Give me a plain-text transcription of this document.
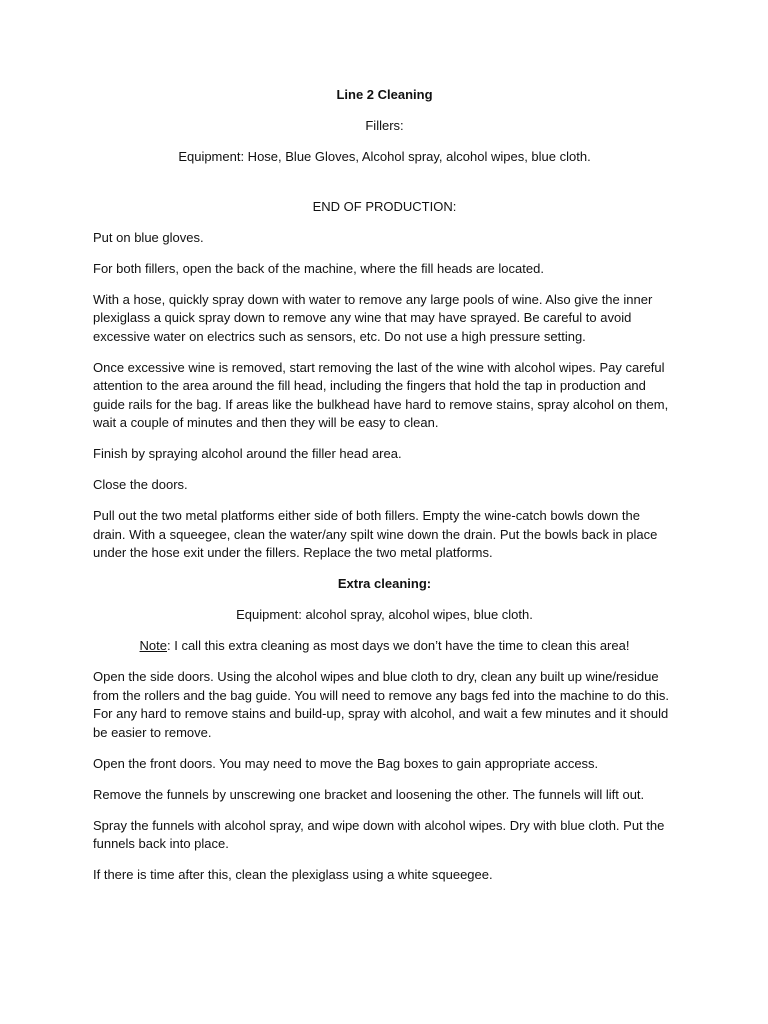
Line 2 Cleaning

Fillers:

Equipment: Hose, Blue Gloves, Alcohol spray, alcohol wipes, blue cloth.

END OF PRODUCTION:

Put on blue gloves.

For both fillers, open the back of the machine, where the fill heads are located.

With a hose, quickly spray down with water to remove any large pools of wine. Also give the inner plexiglass a quick spray down to remove any wine that may have sprayed. Be careful to avoid excessive water on electrics such as sensors, etc. Do not use a high pressure setting.

Once excessive wine is removed, start removing the last of the wine with alcohol wipes. Pay careful attention to the area around the fill head, including the fingers that hold the tap in production and guide rails for the bag. If areas like the bulkhead have hard to remove stains, spray alcohol on them, wait a couple of minutes and then they will be easy to clean.

Finish by spraying alcohol around the filler head area.

Close the doors.

Pull out the two metal platforms either side of both fillers. Empty the wine-catch bowls down the drain. With a squeegee, clean the water/any spilt wine down the drain. Put the bowls back in place under the hose exit under the fillers. Replace the two metal platforms.

Extra cleaning:

Equipment: alcohol spray, alcohol wipes, blue cloth.

Note: I call this extra cleaning as most days we don’t have the time to clean this area!

Open the side doors. Using the alcohol wipes and blue cloth to dry, clean any built up wine/residue from the rollers and the bag guide. You will need to remove any bags fed into the machine to do this. For any hard to remove stains and build-up, spray with alcohol, and wait a few minutes and it should be easier to remove.

Open the front doors. You may need to move the Bag boxes to gain appropriate access.

Remove the funnels by unscrewing one bracket and loosening the other. The funnels will lift out.

Spray the funnels with alcohol spray, and wipe down with alcohol wipes. Dry with blue cloth. Put the funnels back into place.

If there is time after this, clean the plexiglass using a white squeegee.
